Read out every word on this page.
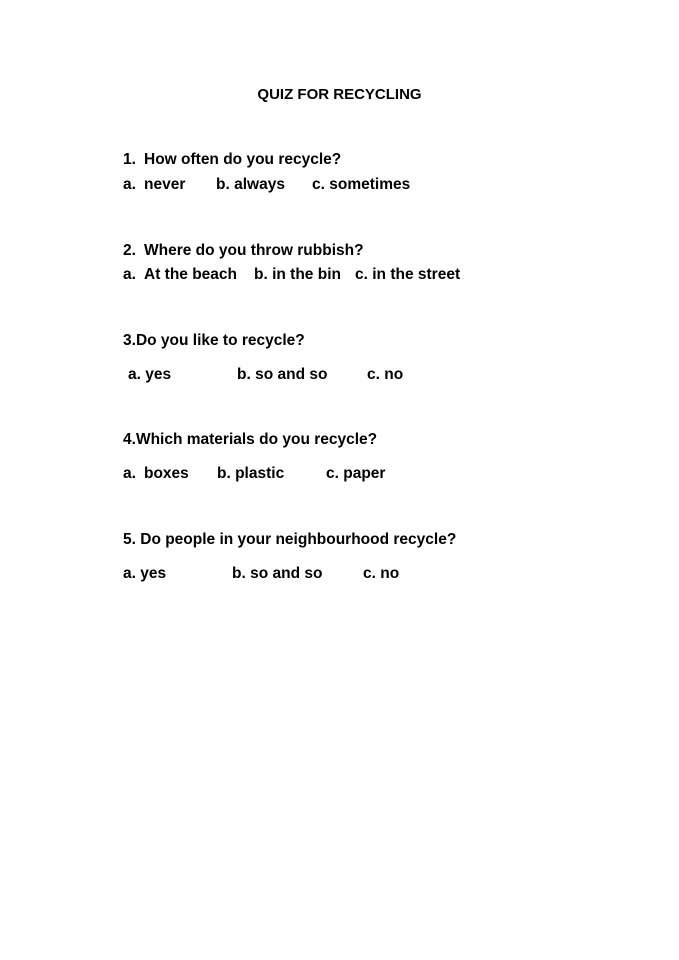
QUIZ FOR RECYCLING
1. How often do you recycle?
a. never b. always c. sometimes
2. Where do you throw rubbish?
a. At the beach b. in the bin c. in the street
3.Do you like to recycle?
a. yes	b. so and so	c. no
4.Which materials do you recycle?
a. boxes b. plastic	c. paper
5. Do people in your neighbourhood recycle?
a. yes	b. so and so	c. no
